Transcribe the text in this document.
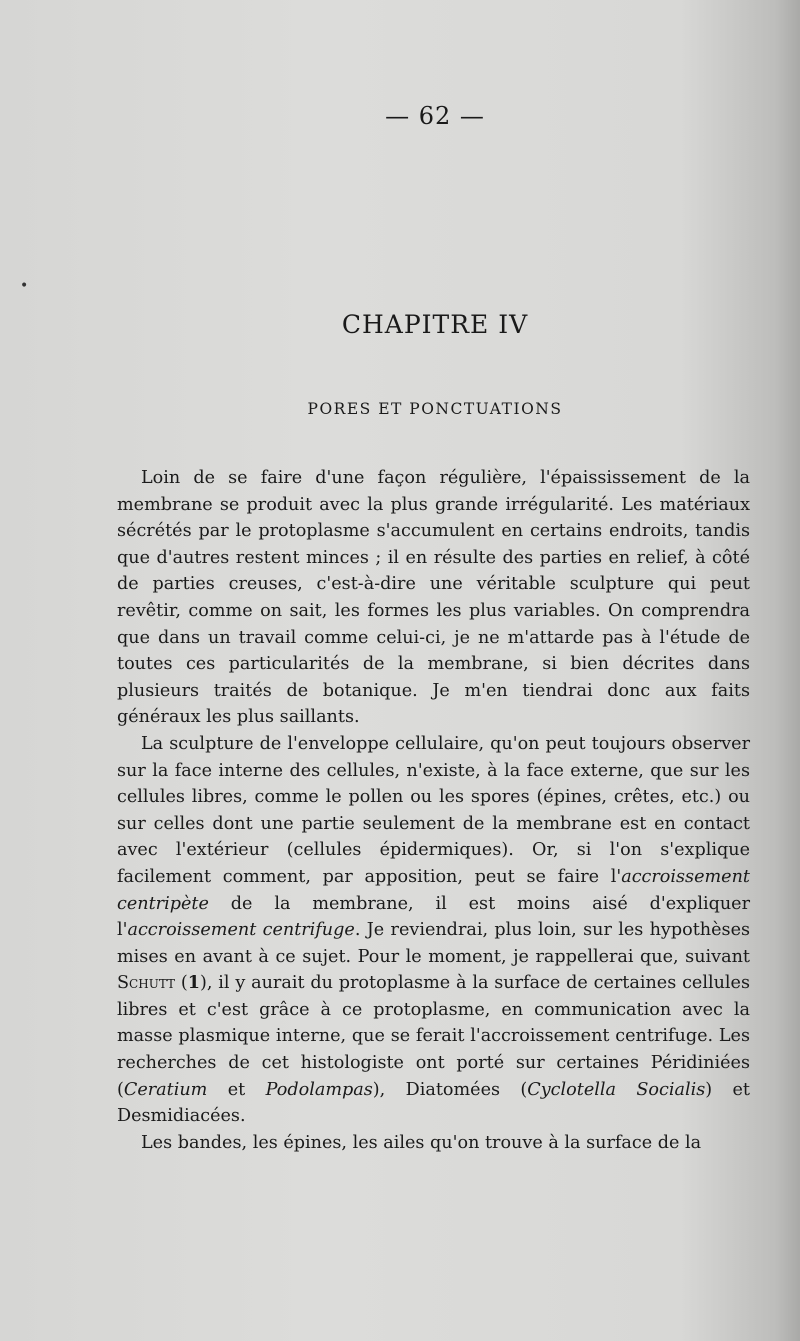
•
— 62 —
CHAPITRE IV
PORES ET PONCTUATIONS

Loin de se faire d'une façon régulière, l'épaississement de la membrane se produit avec la plus grande irrégularité. Les matériaux sécrétés par le protoplasme s'accumulent en certains endroits, tandis que d'autres restent minces ; il en résulte des parties en relief, à côté de parties creuses, c'est-à-dire une véritable sculpture qui peut revêtir, comme on sait, les formes les plus variables. On comprendra que dans un travail comme celui-ci, je ne m'attarde pas à l'étude de toutes ces particularités de la membrane, si bien décrites dans plusieurs traités de botanique. Je m'en tiendrai donc aux faits généraux les plus saillants.

La sculpture de l'enveloppe cellulaire, qu'on peut toujours observer sur la face interne des cellules, n'existe, à la face externe, que sur les cellules libres, comme le pollen ou les spores (épines, crêtes, etc.) ou sur celles dont une partie seulement de la membrane est en contact avec l'extérieur (cellules épidermiques). Or, si l'on s'explique facilement comment, par apposition, peut se faire l'accroissement centripète de la membrane, il est moins aisé d'expliquer l'accroissement centrifuge. Je reviendrai, plus loin, sur les hypothèses mises en avant à ce sujet. Pour le moment, je rappellerai que, suivant Schutt (1), il y aurait du protoplasme à la surface de certaines cellules libres et c'est grâce à ce protoplasme, en communication avec la masse plasmique interne, que se ferait l'accroissement centrifuge. Les recherches de cet histologiste ont porté sur certaines Péridiniées (Ceratium et Podolampas), Diatomées (Cyclotella Socialis) et Desmidiacées.

Les bandes, les épines, les ailes qu'on trouve à la surface de la
